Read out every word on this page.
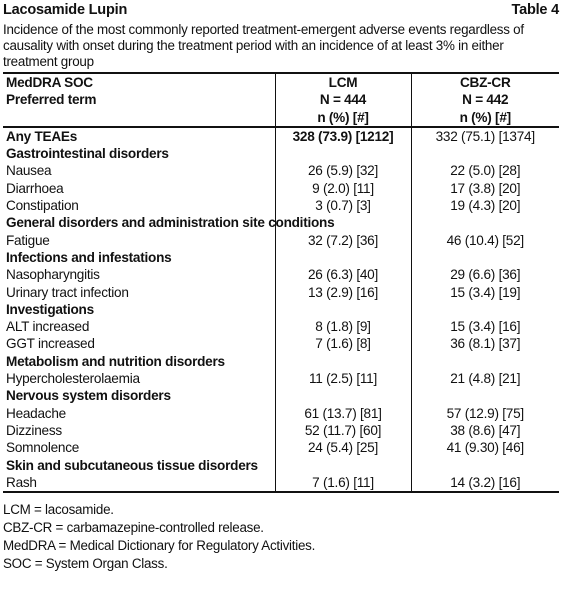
Lacosamide Lupin	Table 4

Incidence of the most commonly reported treatment-emergent adverse events regardless of causality with onset during the treatment period with an incidence of at least 3% in either treatment group

MedDRA SOC	LCM	CBZ-CR
Preferred term	N = 444	N = 442
	n (%) [#]	n (%) [#]
Any TEAEs	328 (73.9) [1212]	332 (75.1) [1374]
Gastrointestinal disorders		
Nausea	26 (5.9) [32]	22 (5.0) [28]
Diarrhoea	9 (2.0) [11]	17 (3.8) [20]
Constipation	3 (0.7) [3]	19 (4.3) [20]
General disorders and administration site conditions		
Fatigue	32 (7.2) [36]	46 (10.4) [52]
Infections and infestations		
Nasopharyngitis	26 (6.3) [40]	29 (6.6) [36]
Urinary tract infection	13 (2.9) [16]	15 (3.4) [19]
Investigations		
ALT increased	8 (1.8) [9]	15 (3.4) [16]
GGT increased	7 (1.6) [8]	36 (8.1) [37]
Metabolism and nutrition disorders		
Hypercholesterolaemia	11 (2.5) [11]	21 (4.8) [21]
Nervous system disorders		
Headache	61 (13.7) [81]	57 (12.9) [75]
Dizziness	52 (11.7) [60]	38 (8.6) [47]
Somnolence	24 (5.4) [25]	41 (9.30) [46]
Skin and subcutaneous tissue disorders		
Rash	7 (1.6) [11]	14 (3.2) [16]
LCM = lacosamide.
CBZ-CR = carbamazepine-controlled release.
MedDRA = Medical Dictionary for Regulatory Activities.
SOC = System Organ Class.
